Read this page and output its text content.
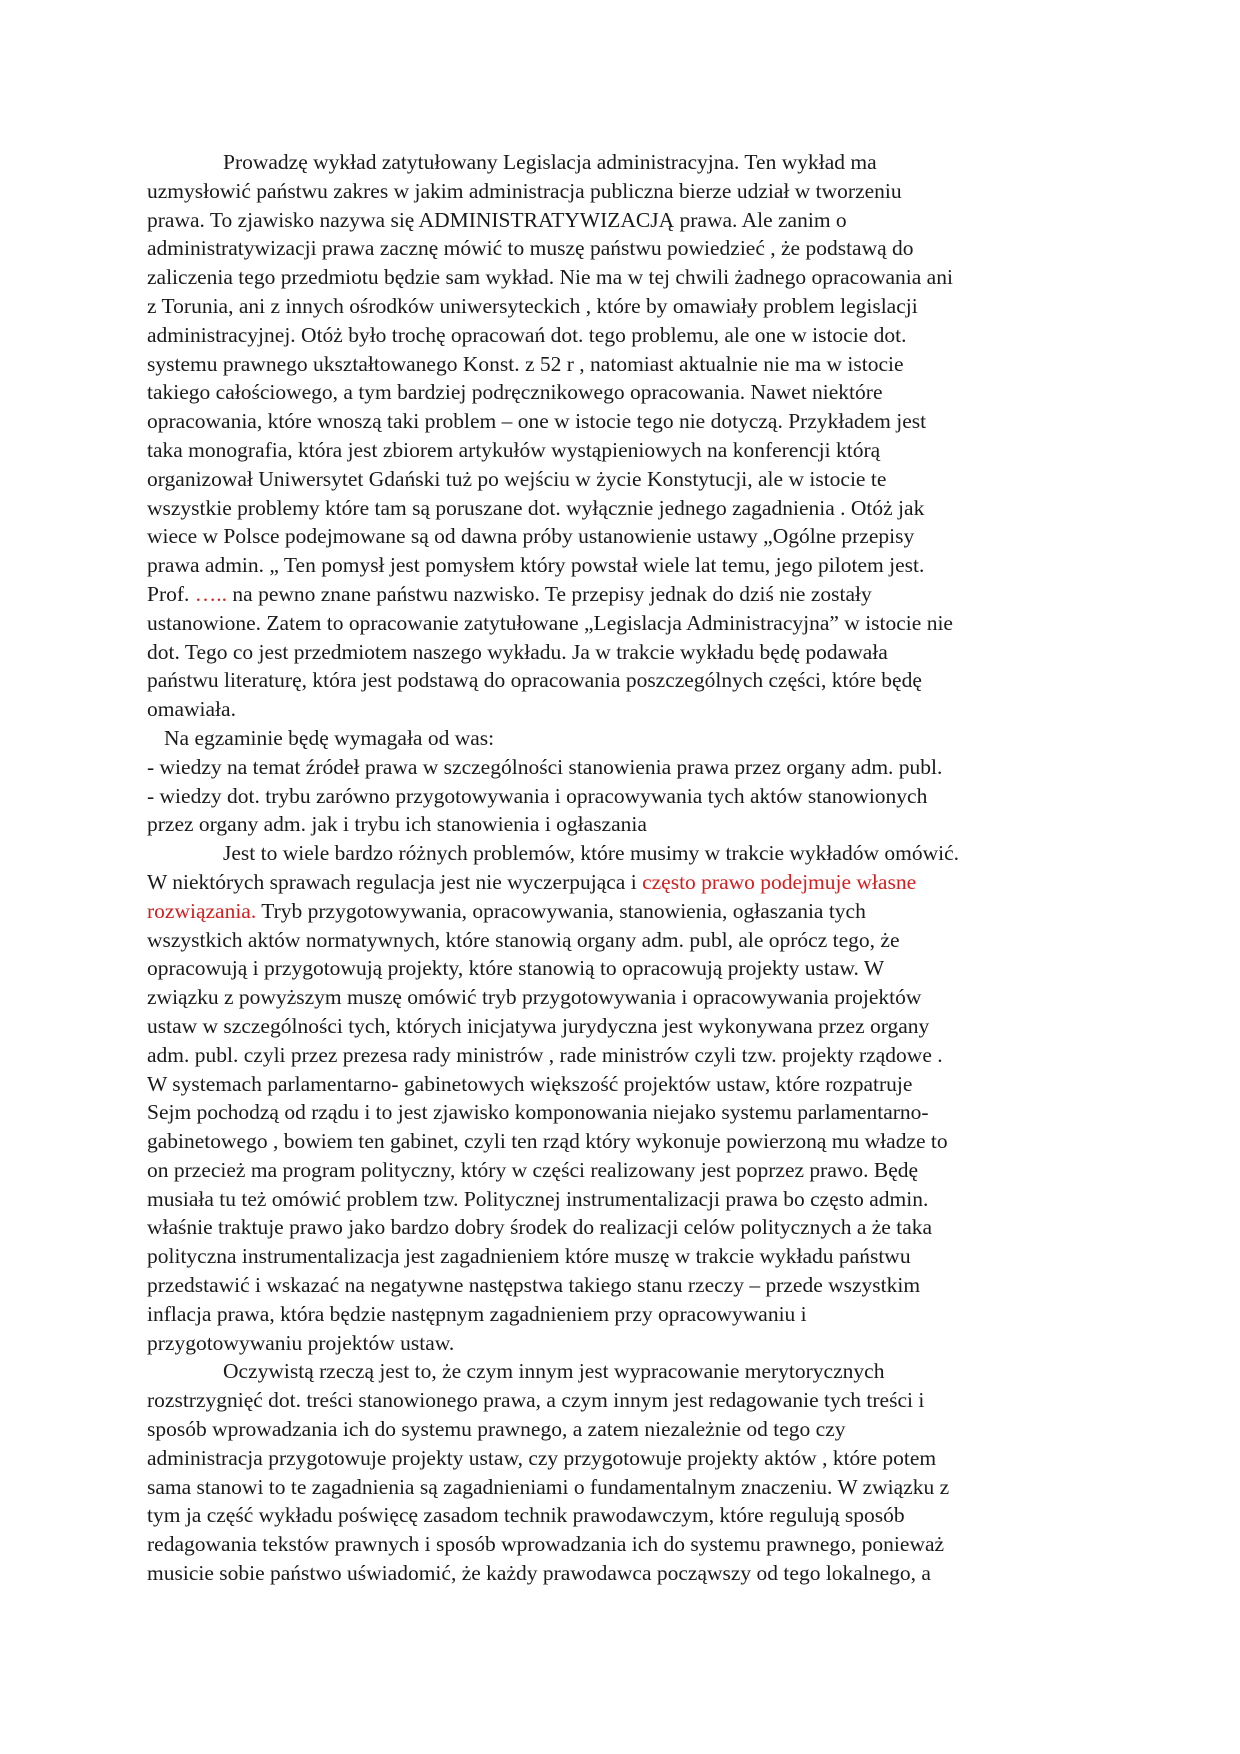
Prowadzę wykład zatytułowany Legislacja administracyjna. Ten wykład ma
uzmysłowić państwu zakres w jakim administracja publiczna bierze udział w tworzeniu
prawa. To zjawisko nazywa się ADMINISTRATYWIZACJĄ prawa. Ale zanim o
administratywizacji prawa zacznę mówić to muszę państwu powiedzieć , że podstawą do
zaliczenia tego przedmiotu będzie sam wykład. Nie ma w tej chwili żadnego opracowania ani
z Torunia, ani z innych ośrodków uniwersyteckich , które by omawiały problem legislacji
administracyjnej. Otóż było trochę opracowań dot. tego problemu, ale one w istocie dot.
systemu prawnego ukształtowanego Konst. z 52 r , natomiast aktualnie nie ma w istocie
takiego całościowego, a tym bardziej podręcznikowego opracowania. Nawet niektóre
opracowania, które wnoszą taki problem – one w istocie tego nie dotyczą. Przykładem jest
taka monografia, która jest zbiorem artykułów wystąpieniowych na konferencji którą
organizował Uniwersytet Gdański tuż po wejściu w życie Konstytucji, ale w istocie te
wszystkie problemy które tam są poruszane dot. wyłącznie jednego zagadnienia . Otóż jak
wiece w Polsce podejmowane są od dawna próby ustanowienie ustawy „Ogólne przepisy
prawa admin. „ Ten pomysł jest pomysłem który powstał wiele lat temu, jego pilotem jest.
Prof. ….. na pewno znane państwu nazwisko. Te przepisy jednak do dziś nie zostały
ustanowione. Zatem to opracowanie zatytułowane „Legislacja Administracyjna” w istocie nie
dot. Tego co jest przedmiotem naszego wykładu. Ja w trakcie wykładu będę podawała
państwu literaturę, która jest podstawą do opracowania poszczególnych części, które będę
omawiała.
Na egzaminie będę wymagała od was:
- wiedzy na temat źródeł prawa w szczególności stanowienia prawa przez organy adm. publ.
- wiedzy dot. trybu zarówno przygotowywania i opracowywania tych aktów stanowionych
przez organy adm. jak i trybu ich stanowienia i ogłaszania
Jest to wiele bardzo różnych problemów, które musimy w trakcie wykładów omówić.
W niektórych sprawach regulacja jest nie wyczerpująca i często prawo podejmuje własne
rozwiązania. Tryb przygotowywania, opracowywania, stanowienia, ogłaszania tych
wszystkich aktów normatywnych, które stanowią organy adm. publ, ale oprócz tego, że
opracowują i przygotowują projekty, które stanowią to opracowują projekty ustaw. W
związku z powyższym muszę omówić tryb przygotowywania i opracowywania projektów
ustaw w szczególności tych, których inicjatywa jurydyczna jest wykonywana przez organy
adm. publ. czyli przez prezesa rady ministrów , rade ministrów czyli tzw. projekty rządowe .
W systemach parlamentarno- gabinetowych większość projektów ustaw, które rozpatruje
Sejm pochodzą od rządu i to jest zjawisko komponowania niejako systemu parlamentarno-
gabinetowego , bowiem ten gabinet, czyli ten rząd który wykonuje powierzoną mu władze to
on przecież ma program polityczny, który w części realizowany jest poprzez prawo. Będę
musiała tu też omówić problem tzw. Politycznej instrumentalizacji prawa bo często admin.
właśnie traktuje prawo jako bardzo dobry środek do realizacji celów politycznych a że taka
polityczna instrumentalizacja jest zagadnieniem które muszę w trakcie wykładu państwu
przedstawić i wskazać na negatywne następstwa takiego stanu rzeczy – przede wszystkim
inflacja prawa, która będzie następnym zagadnieniem przy opracowywaniu i
przygotowywaniu projektów ustaw.
Oczywistą rzeczą jest to, że czym innym jest wypracowanie merytorycznych
rozstrzygnięć dot. treści stanowionego prawa, a czym innym jest redagowanie tych treści i
sposób wprowadzania ich do systemu prawnego, a zatem niezależnie od tego czy
administracja przygotowuje projekty ustaw, czy przygotowuje projekty aktów , które potem
sama stanowi to te zagadnienia są zagadnieniami o fundamentalnym znaczeniu. W związku z
tym ja część wykładu poświęcę zasadom technik prawodawczym, które regulują sposób
redagowania tekstów prawnych i sposób wprowadzania ich do systemu prawnego, ponieważ
musicie sobie państwo uświadomić, że każdy prawodawca począwszy od tego lokalnego, a
